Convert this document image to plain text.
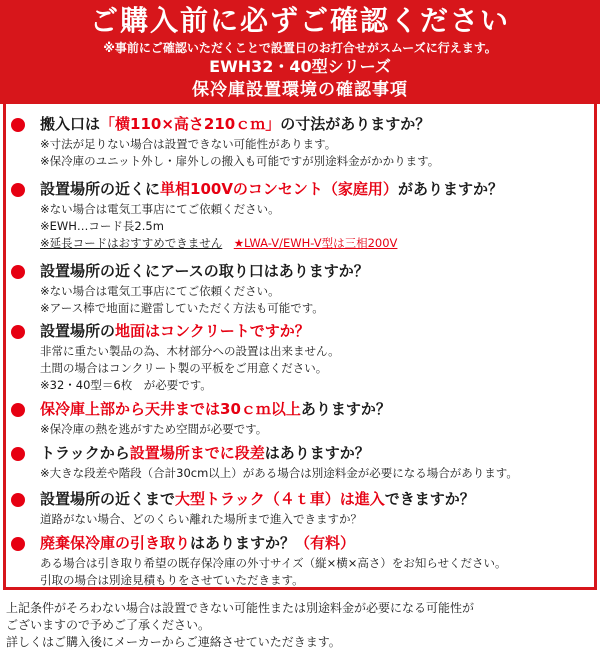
ご購入前に必ずご確認ください
※事前にご確認いただくことで設置日のお打合せがスムーズに行えます。
EWH32・40型シリーズ
保冷庫設置環境の確認事項
搬入口は「横110×高さ210ｃｍ」の寸法がありますか？
※寸法が足りない場合は設置できない可能性があります。
※保冷庫のユニット外し・扉外しの搬入も可能ですが別途料金がかかります。
設置場所の近くに単相100Vのコンセント（家庭用）がありますか？
※ない場合は電気工事店にてご依頼ください。
※EWH…コード長2.5m
※延長コードはおすすめできません　 ★LWA-V/EWH-V型は三相200V
設置場所の近くにアースの取り口はありますか？
※ない場合は電気工事店にてご依頼ください。
※アース棒で地面に避雷していただく方法も可能です。
設置場所の地面はコンクリートですか？
非常に重たい製品の為、木材部分への設置は出来ません。
土間の場合はコンクリート製の平板をご用意ください。
※32・40型＝6枚　が必要です。
保冷庫上部から天井までは30ｃｍ以上ありますか？
※保冷庫の熱を逃がすため空間が必要です。
トラックから設置場所までに段差はありますか？
※大きな段差や階段（合計30cm以上）がある場合は別途料金が必要になる場合があります。
設置場所の近くまで大型トラック（４ｔ車）は進入できますか？
道路がない場合、どのくらい離れた場所まで進入できますか？
廃棄保冷庫の引き取りはありますか？（有料）
ある場合は引き取り希望の既存保冷庫の外寸サイズ（縦×横×高さ）をお知らせください。
引取の場合は別途見積もりをさせていただきます。
上記条件がそろわない場合は設置できない可能性または別途料金が必要になる可能性が
ございますので予めご了承ください。
詳しくはご購入後にメーカーからご連絡させていただきます。
